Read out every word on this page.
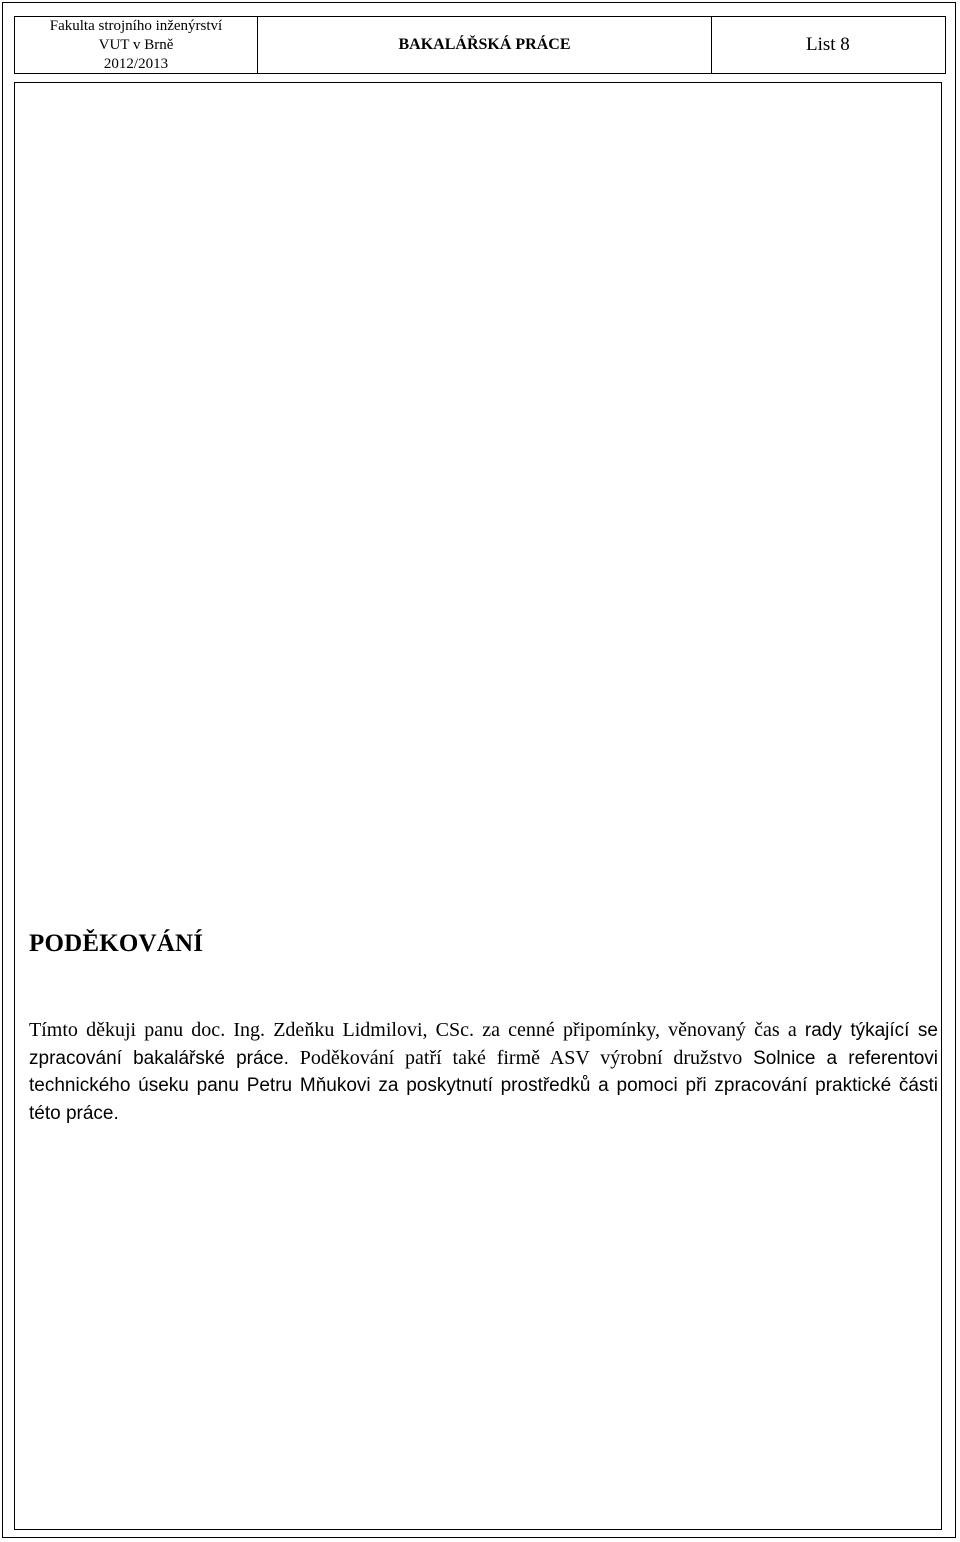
Fakulta strojního inženýrství
VUT v Brně
2012/2013
BAKALÁŘSKÁ PRÁCE	List 8
PODĚKOVÁNÍ

Tímto děkuji panu doc. Ing. Zdeňku Lidmilovi, CSc. za cenné připomínky, věnovaný čas a rady týkající se zpracování bakalářské práce. Poděkování patří také firmě ASV výrobní družstvo Solnice a referentovi technického úseku panu Petru Mňukovi za poskytnutí prostředků a pomoci při zpracování praktické části této práce.
